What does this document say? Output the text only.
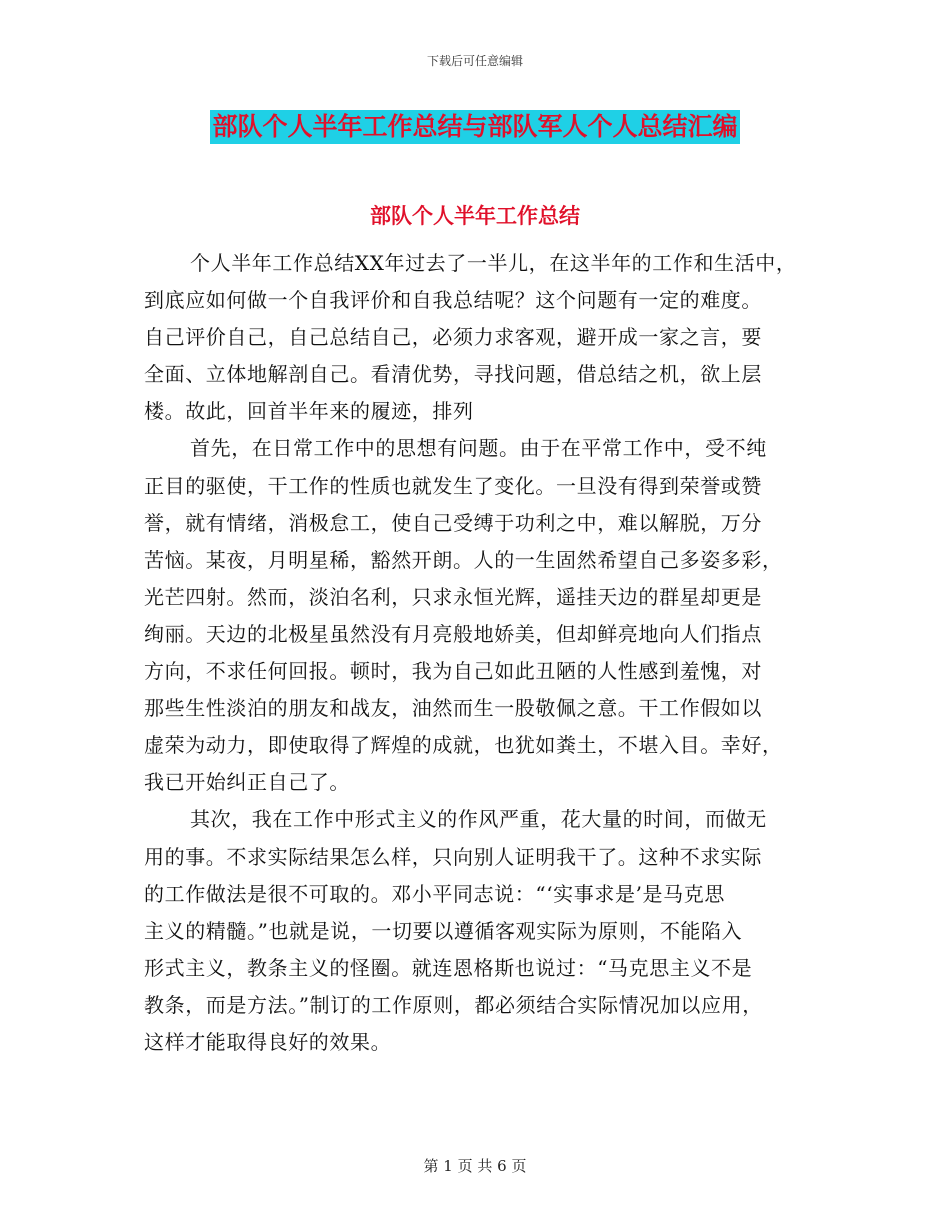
下载后可任意编辑
部队个人半年工作总结与部队军人个人总结汇编
部队个人半年工作总结

个人半年工作总结XX年过去了一半儿，在这半年的工作和生活中，
到底应如何做一个自我评价和自我总结呢？这个问题有一定的难度。
自己评价自己，自己总结自己，必须力求客观，避开成一家之言，要
全面、立体地解剖自己。看清优势，寻找问题，借总结之机，欲上层
楼。故此，回首半年来的履迹，排列

首先，在日常工作中的思想有问题。由于在平常工作中，受不纯
正目的驱使，干工作的性质也就发生了变化。一旦没有得到荣誉或赞
誉，就有情绪，消极怠工，使自己受缚于功利之中，难以解脱，万分
苦恼。某夜，月明星稀，豁然开朗。人的一生固然希望自己多姿多彩，
光芒四射。然而，淡泊名利，只求永恒光辉，遥挂天边的群星却更是
绚丽。天边的北极星虽然没有月亮般地娇美，但却鲜亮地向人们指点
方向，不求任何回报。顿时，我为自己如此丑陋的人性感到羞愧，对
那些生性淡泊的朋友和战友，油然而生一股敬佩之意。干工作假如以
虚荣为动力，即使取得了辉煌的成就，也犹如粪土，不堪入目。幸好，
我已开始纠正自己了。

其次，我在工作中形式主义的作风严重，花大量的时间，而做无
用的事。不求实际结果怎么样，只向别人证明我干了。这种不求实际
的工作做法是很不可取的。邓小平同志说：“‘实事求是’是马克思
主义的精髓。”也就是说，一切要以遵循客观实际为原则，不能陷入
形式主义，教条主义的怪圈。就连恩格斯也说过：“马克思主义不是
教条，而是方法。”制订的工作原则，都必须结合实际情况加以应用，
这样才能取得良好的效果。

第 1 页 共 6 页
